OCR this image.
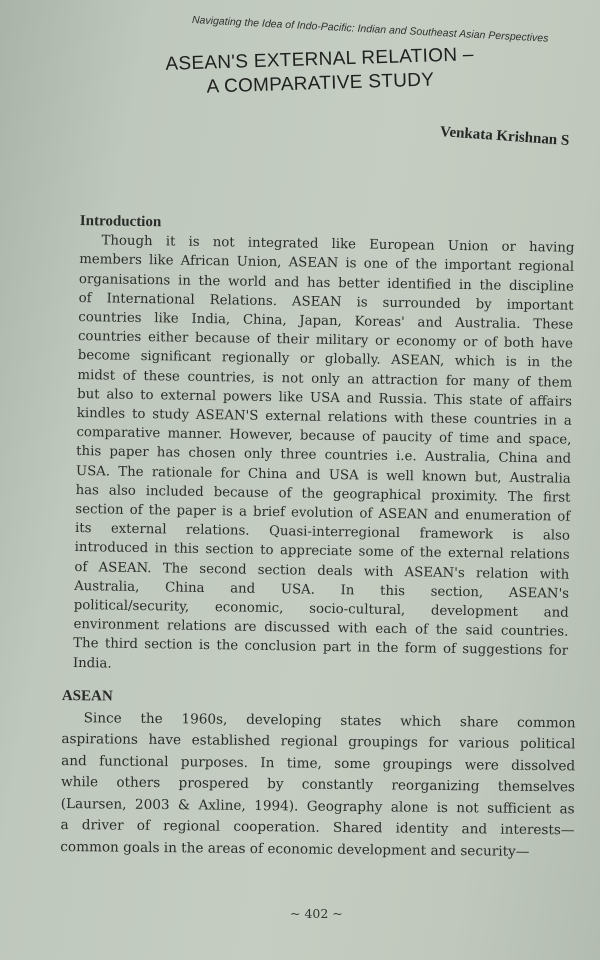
Navigating the Idea of Indo-Pacific: Indian and Southeast Asian Perspectives
ASEAN'S EXTERNAL RELATION –
A COMPARATIVE STUDY
Venkata Krishnan S
Introduction
Though it is not integrated like European Union or having
members like African Union, ASEAN is one of the important regional
organisations in the world and has better identified in the discipline
of International Relations. ASEAN is surrounded by important
countries like India, China, Japan, Koreas' and Australia. These
countries either because of their military or economy or of both have
become significant regionally or globally. ASEAN, which is in the
midst of these countries, is not only an attraction for many of them
but also to external powers like USA and Russia. This state of affairs
kindles to study ASEAN'S external relations with these countries in a
comparative manner. However, because of paucity of time and space,
this paper has chosen only three countries i.e. Australia, China and
USA. The rationale for China and USA is well known but, Australia
has also included because of the geographical proximity. The first
section of the paper is a brief evolution of ASEAN and enumeration of
its external relations. Quasi-interregional framework is also
introduced in this section to appreciate some of the external relations
of ASEAN. The second section deals with ASEAN's relation with
Australia, China and USA. In this section, ASEAN's
political/security, economic, socio-cultural, development and
environment relations are discussed with each of the said countries.
The third section is the conclusion part in the form of suggestions for
India.
ASEAN
Since the 1960s, developing states which share common
aspirations have established regional groupings for various political
and functional purposes. In time, some groupings were dissolved
while others prospered by constantly reorganizing themselves
(Laursen, 2003 & Axline, 1994). Geography alone is not sufficient as
a driver of regional cooperation. Shared identity and interests—
common goals in the areas of economic development and security—
~ 402 ~
